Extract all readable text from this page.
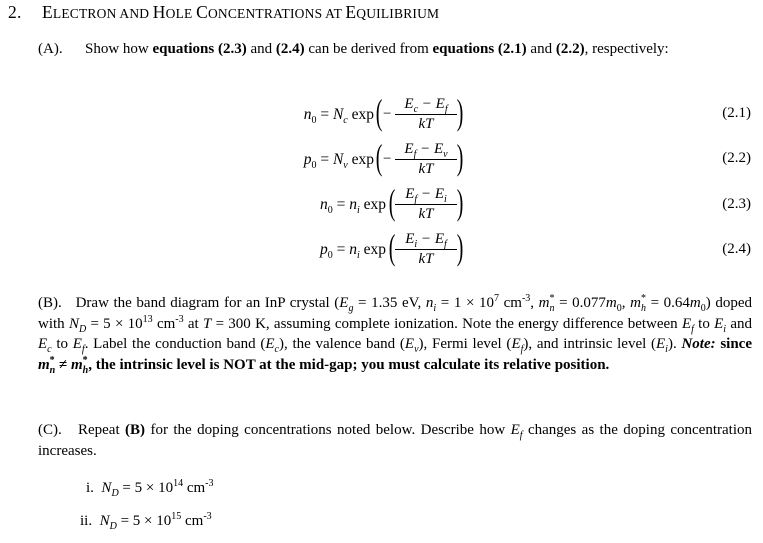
2. ELECTRON AND HOLE CONCENTRATIONS AT EQUILIBRIUM
(A). Show how equations (2.3) and (2.4) can be derived from equations (2.1) and (2.2), respectively:
$n_0 = N_c$ exp ( − $\frac{E_c - E_f}{kT}$ )	(2.1)
$p_0 = N_v$ exp ( − $\frac{E_f - E_v}{kT}$ )	(2.2)
$n_0 = n_i$ exp ( $\frac{E_f - E_i}{kT}$ )	(2.3)
$p_0 = n_i$ exp ( $\frac{E_i - E_f}{kT}$ )	(2.4)
(B). Draw the band diagram for an InP crystal ($E_g = 1.35$ eV, $n_i = 1 \times 10^7$ $cm^{-3}$, $m^*_n = 0.077m_0$, $m^*_h = 0.64m_0$) doped with $N_D = 5 \times 10^{13}$ $cm^{-3}$ at T = 300 K, assuming complete ionization. Note the energy difference between $E_f$ to $E_i$ and $E_c$ to $E_f$. Label the conduction band $(E_c)$, the valence band $(E_v)$, Fermi level $(E_f)$, and intrinsic level $(E_i)$. Note: since $m^*_n \ne m^*_h$, the intrinsic level is NOT at the mid-gap; you must calculate its relative position.
(C). Repeat (B) for the doping concentrations noted below. Describe how $E_f$ changes as the doping concentration increases.
i. $N_D = 5 \times 10^{14}$ $cm^{-3}$
ii. $N_D = 5 \times 10^{15}$ $cm^{-3}$
